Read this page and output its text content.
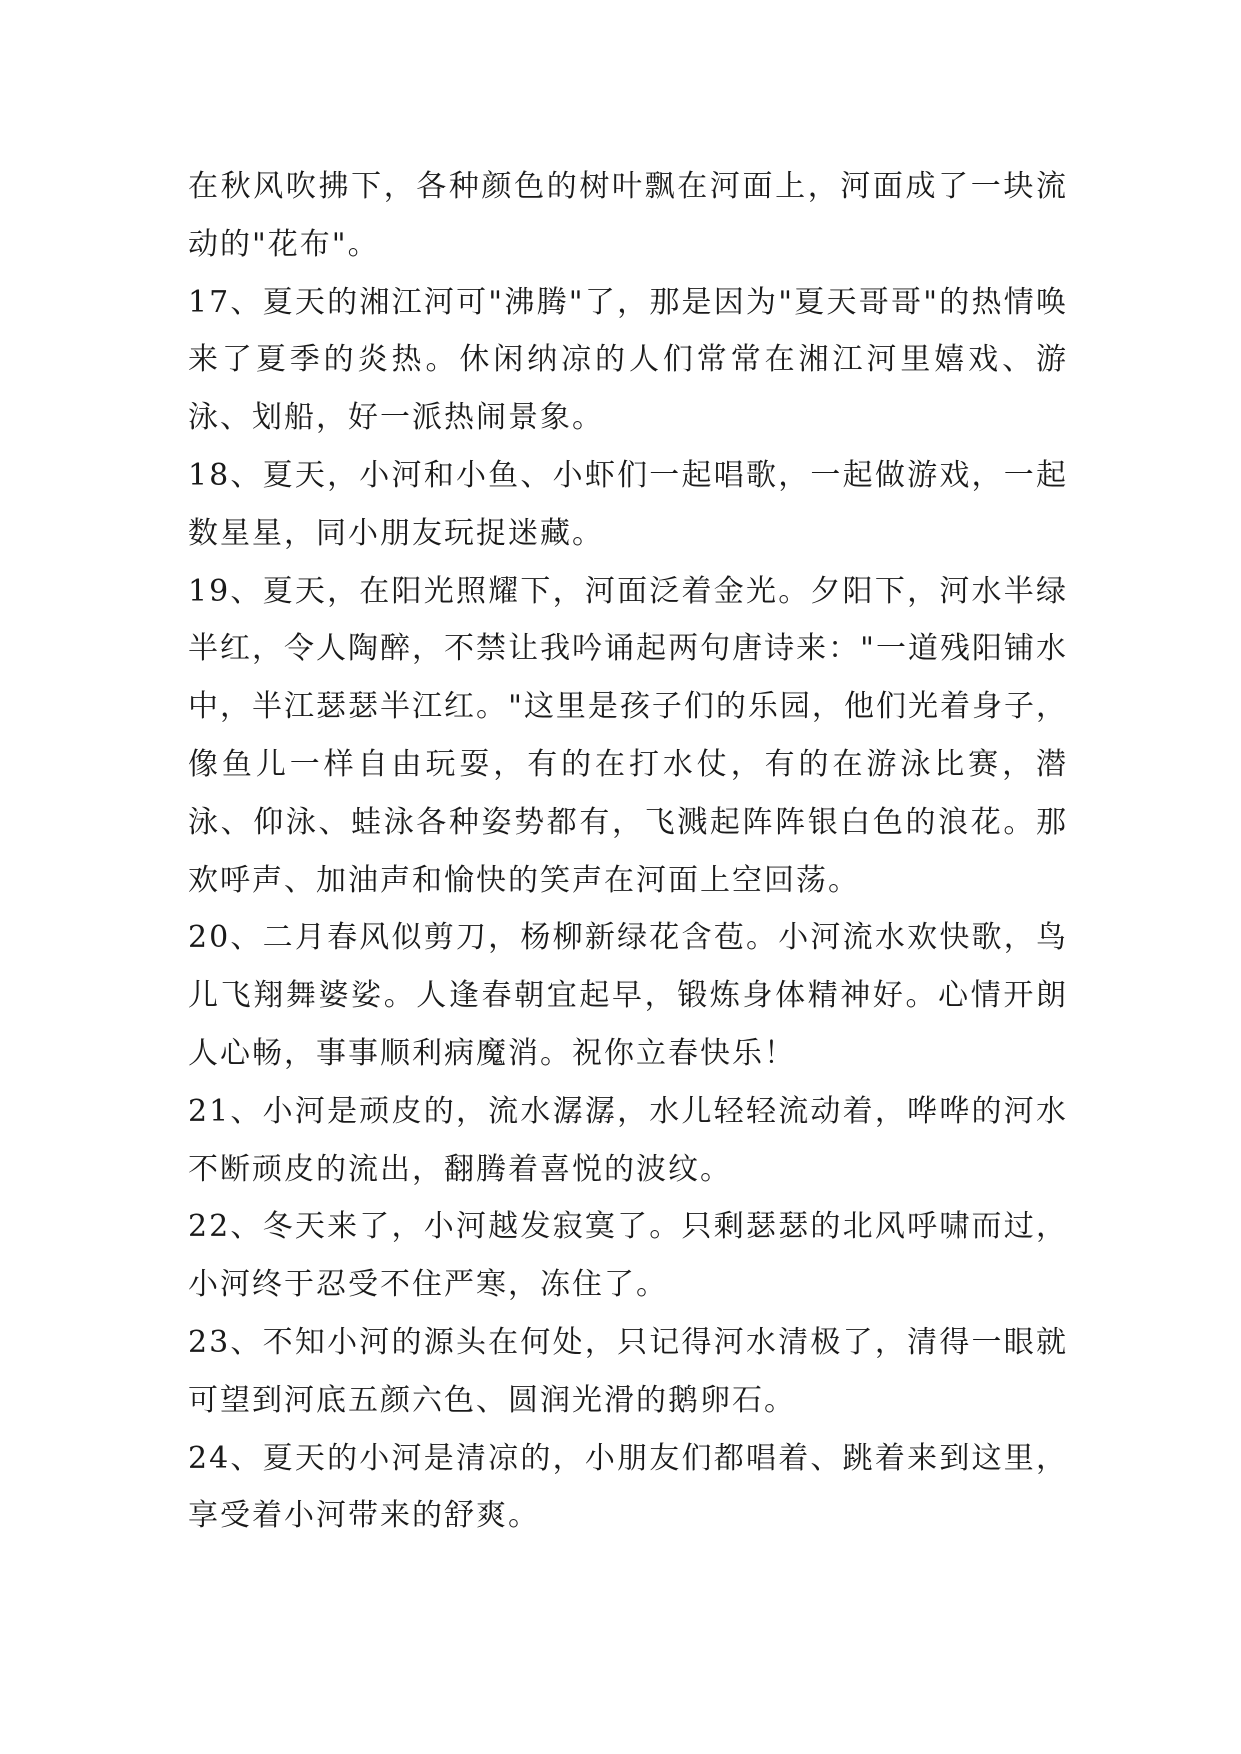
在秋风吹拂下，各种颜色的树叶飘在河面上，河面成了一块流动的"花布"。

17、夏天的湘江河可"沸腾"了，那是因为"夏天哥哥"的热情唤来了夏季的炎热。休闲纳凉的人们常常在湘江河里嬉戏、游泳、划船，好一派热闹景象。

18、夏天，小河和小鱼、小虾们一起唱歌，一起做游戏，一起数星星，同小朋友玩捉迷藏。

19、夏天，在阳光照耀下，河面泛着金光。夕阳下，河水半绿半红，令人陶醉，不禁让我吟诵起两句唐诗来："一道残阳铺水中，半江瑟瑟半江红。"这里是孩子们的乐园，他们光着身子，像鱼儿一样自由玩耍，有的在打水仗，有的在游泳比赛，潜泳、仰泳、蛙泳各种姿势都有，飞溅起阵阵银白色的浪花。那欢呼声、加油声和愉快的笑声在河面上空回荡。

20、二月春风似剪刀，杨柳新绿花含苞。小河流水欢快歌，鸟儿飞翔舞婆娑。人逢春朝宜起早，锻炼身体精神好。心情开朗人心畅，事事顺利病魔消。祝你立春快乐！

21、小河是顽皮的，流水潺潺，水儿轻轻流动着，哗哗的河水不断顽皮的流出，翻腾着喜悦的波纹。

22、冬天来了，小河越发寂寞了。只剩瑟瑟的北风呼啸而过，小河终于忍受不住严寒，冻住了。

23、不知小河的源头在何处，只记得河水清极了，清得一眼就可望到河底五颜六色、圆润光滑的鹅卵石。

24、夏天的小河是清凉的，小朋友们都唱着、跳着来到这里，享受着小河带来的舒爽。
